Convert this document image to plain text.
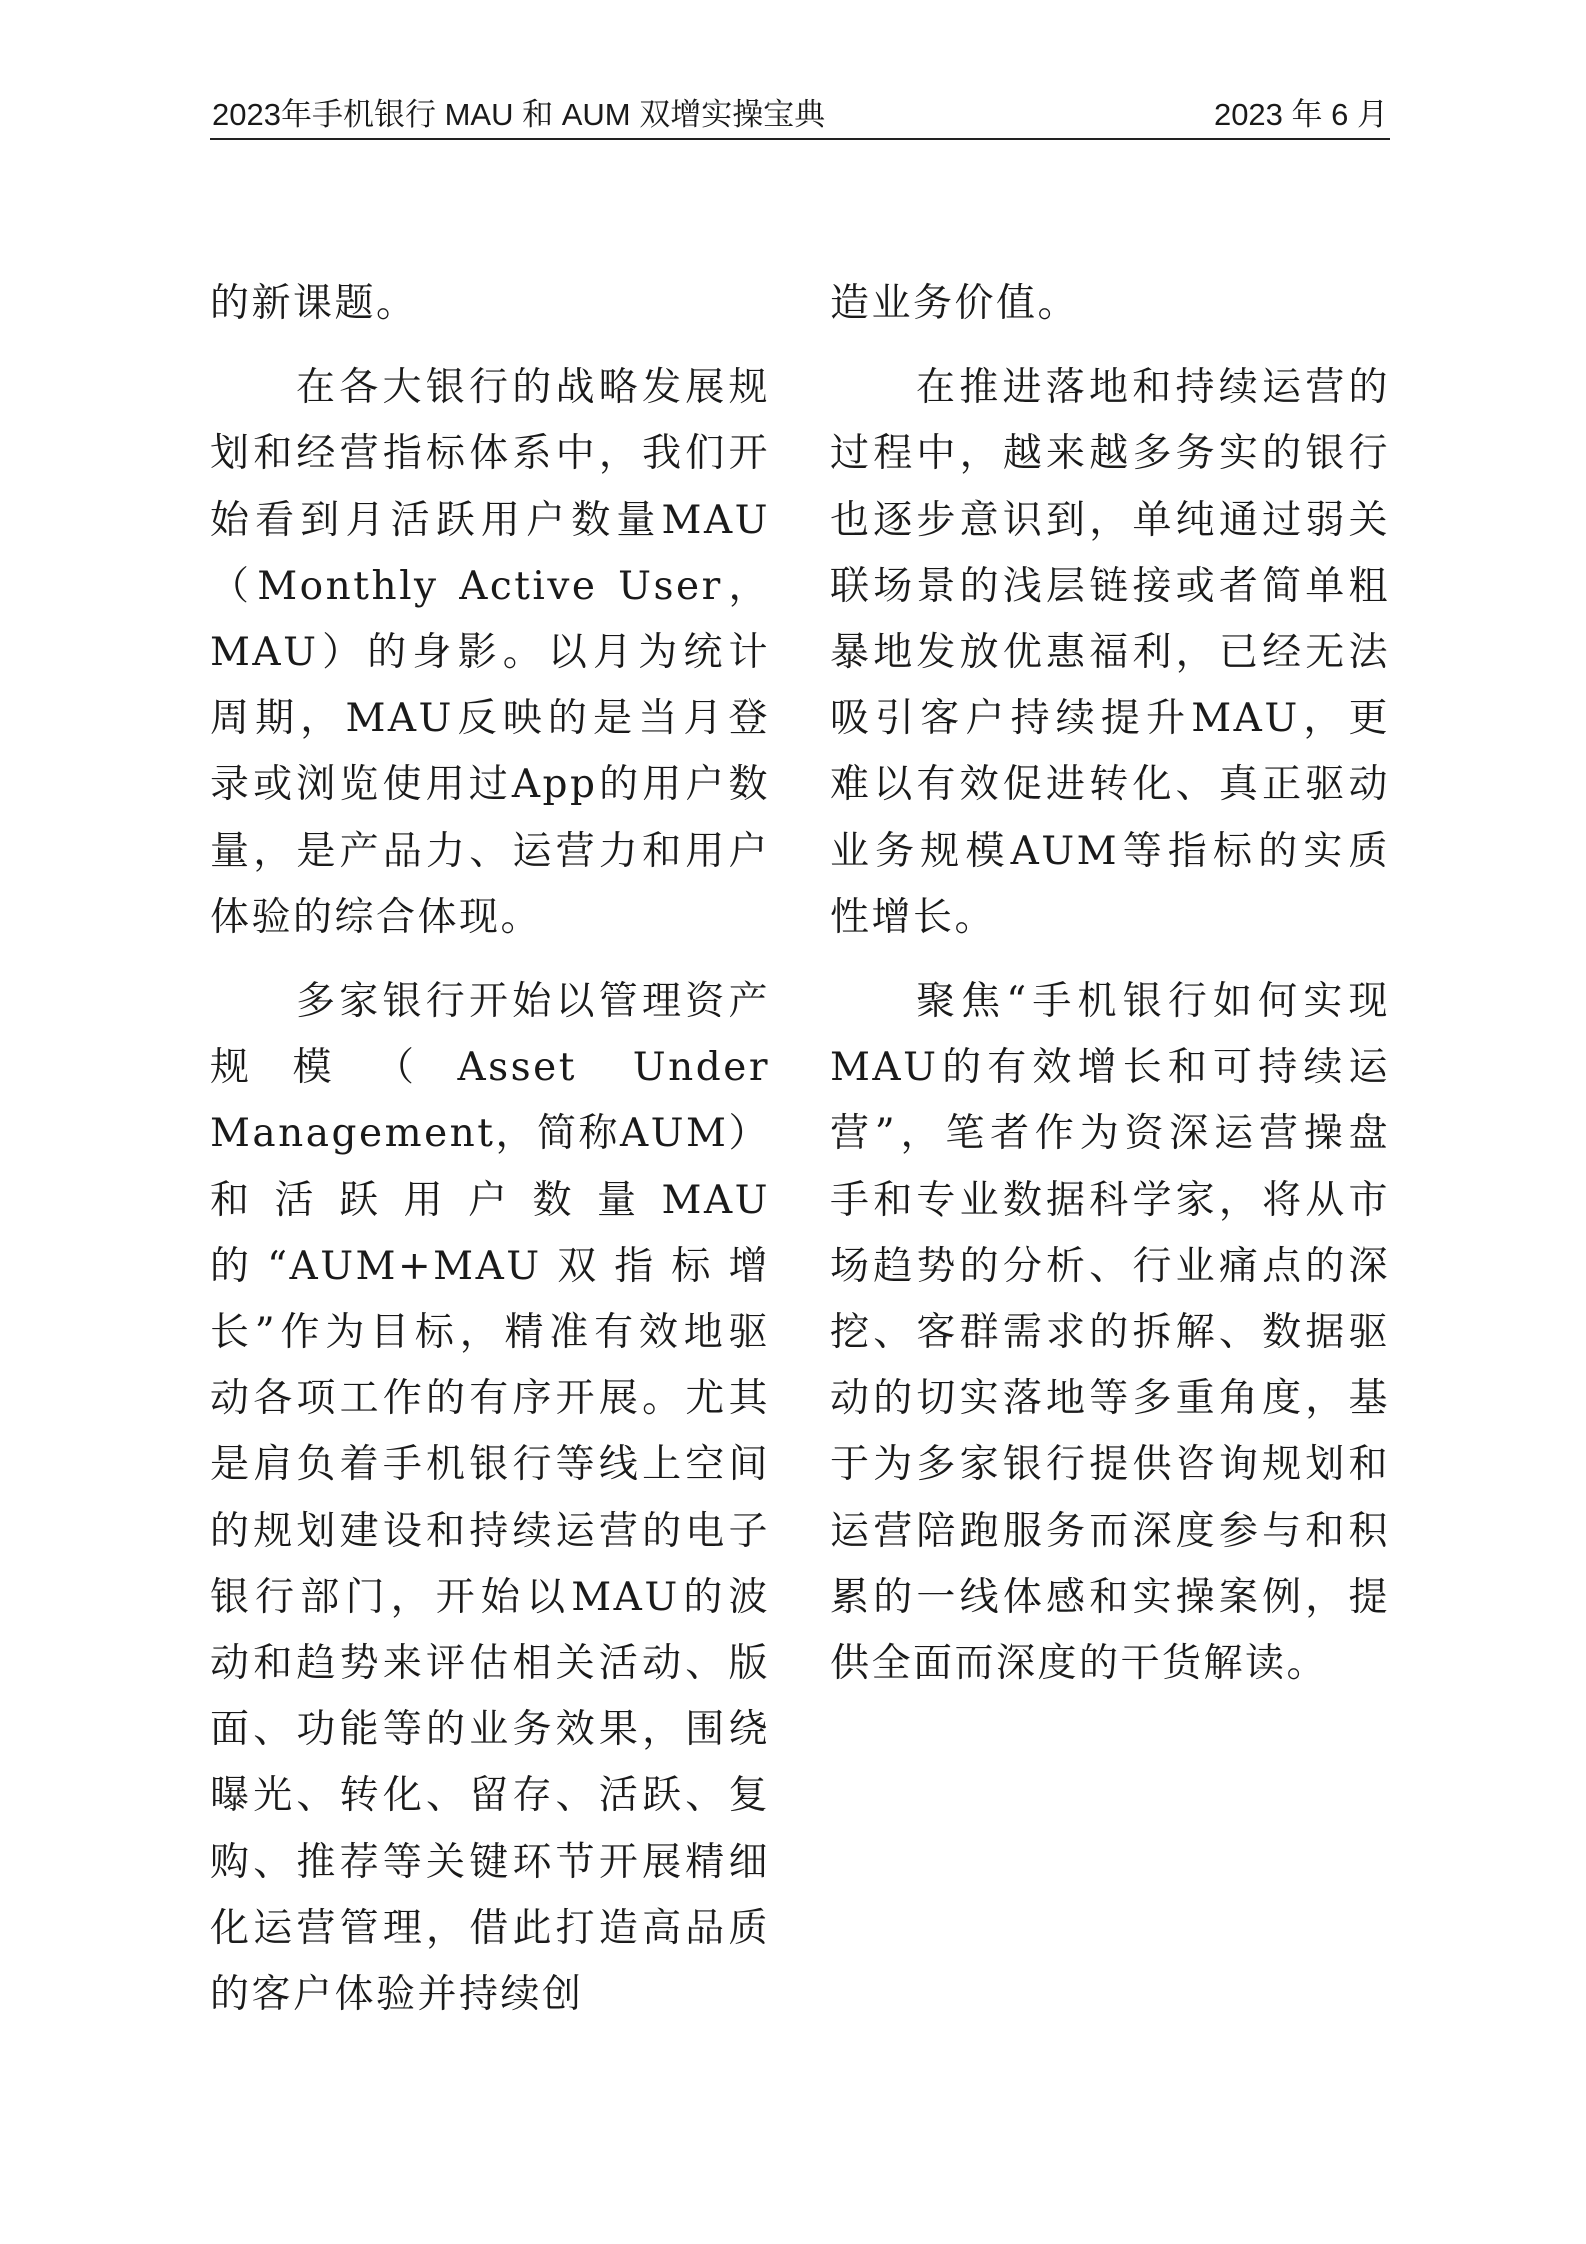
2023年手机银行 MAU 和 AUM 双增实操宝典	2023 年 6 月

的新课题。

在各大银行的战略发展规划和经营指标体系中，我们开始看到月活跃用户数量MAU（Monthly Active User，MAU）的身影。以月为统计周期，MAU反映的是当月登录或浏览使用过App的用户数量，是产品力、运营力和用户体验的综合体现。

多家银行开始以管理资产规模（Asset Under Management，简称AUM）和活跃用户数量MAU的“AUM+MAU双指标增长”作为目标，精准有效地驱动各项工作的有序开展。尤其是肩负着手机银行等线上空间的规划建设和持续运营的电子银行部门，开始以MAU的波动和趋势来评估相关活动、版面、功能等的业务效果，围绕曝光、转化、留存、活跃、复购、推荐等关键环节开展精细化运营管理，借此打造高品质的客户体验并持续创

造业务价值。

在推进落地和持续运营的过程中，越来越多务实的银行也逐步意识到，单纯通过弱关联场景的浅层链接或者简单粗暴地发放优惠福利，已经无法吸引客户持续提升MAU，更难以有效促进转化、真正驱动业务规模AUM等指标的实质性增长。

聚焦“手机银行如何实现MAU的有效增长和可持续运营”，笔者作为资深运营操盘手和专业数据科学家，将从市场趋势的分析、行业痛点的深挖、客群需求的拆解、数据驱动的切实落地等多重角度，基于为多家银行提供咨询规划和运营陪跑服务而深度参与和积累的一线体感和实操案例，提供全面而深度的干货解读。
